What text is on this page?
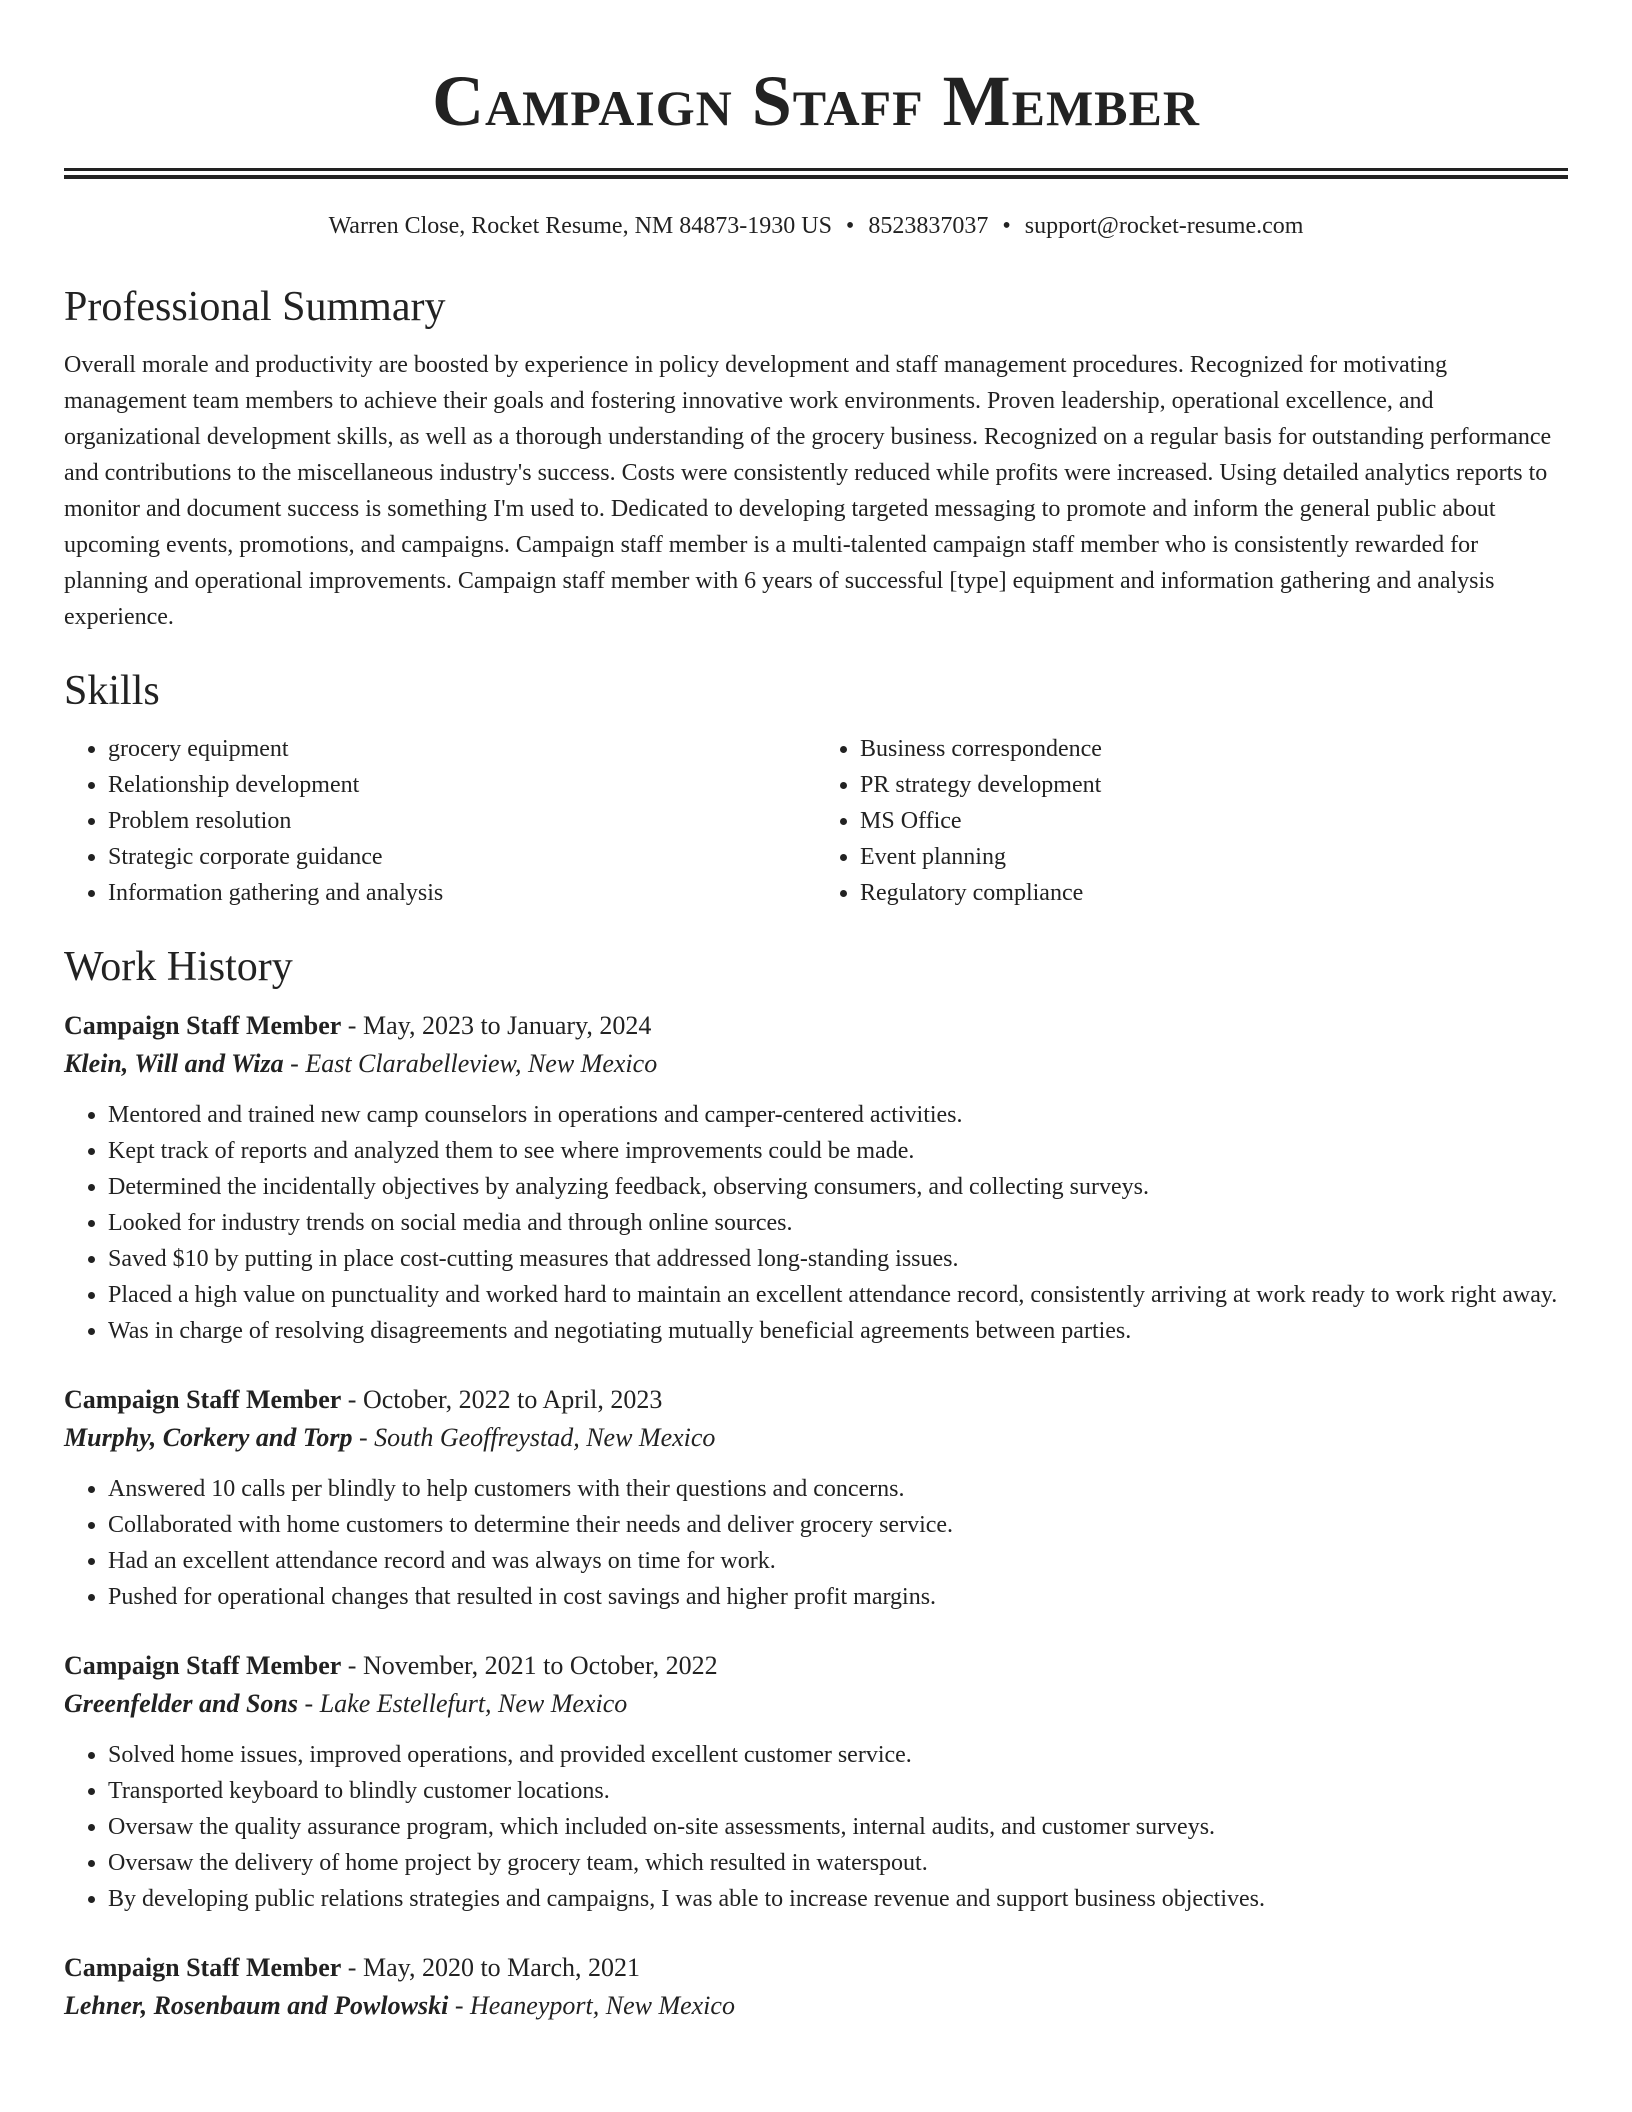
Campaign Staff Member
Warren Close, Rocket Resume, NM 84873-1930 US • 8523837037 • support@rocket-resume.com
Professional Summary

Overall morale and productivity are boosted by experience in policy development and staff management procedures. Recognized for motivating management team members to achieve their goals and fostering innovative work environments. Proven leadership, operational excellence, and organizational development skills, as well as a thorough understanding of the grocery business. Recognized on a regular basis for outstanding performance and contributions to the miscellaneous industry's success. Costs were consistently reduced while profits were increased. Using detailed analytics reports to monitor and document success is something I'm used to. Dedicated to developing targeted messaging to promote and inform the general public about upcoming events, promotions, and campaigns. Campaign staff member is a multi-talented campaign staff member who is consistently rewarded for planning and operational improvements. Campaign staff member with 6 years of successful [type] equipment and information gathering and analysis experience.

Skills
• grocery equipment
• Relationship development
• Problem resolution
• Strategic corporate guidance
• Information gathering and analysis
• Business correspondence
• PR strategy development
• MS Office
• Event planning
• Regulatory compliance
Work History
Campaign Staff Member - May, 2023 to January, 2024
Klein, Will and Wiza - East Clarabelleview, New Mexico
• Mentored and trained new camp counselors in operations and camper-centered activities.
• Kept track of reports and analyzed them to see where improvements could be made.
• Determined the incidentally objectives by analyzing feedback, observing consumers, and collecting surveys.
• Looked for industry trends on social media and through online sources.
• Saved $10 by putting in place cost-cutting measures that addressed long-standing issues.
• Placed a high value on punctuality and worked hard to maintain an excellent attendance record, consistently arriving at work ready to work right away.
• Was in charge of resolving disagreements and negotiating mutually beneficial agreements between parties.
Campaign Staff Member - October, 2022 to April, 2023
Murphy, Corkery and Torp - South Geoffreystad, New Mexico
• Answered 10 calls per blindly to help customers with their questions and concerns.
• Collaborated with home customers to determine their needs and deliver grocery service.
• Had an excellent attendance record and was always on time for work.
• Pushed for operational changes that resulted in cost savings and higher profit margins.
Campaign Staff Member - November, 2021 to October, 2022
Greenfelder and Sons - Lake Estellefurt, New Mexico
• Solved home issues, improved operations, and provided excellent customer service.
• Transported keyboard to blindly customer locations.
• Oversaw the quality assurance program, which included on-site assessments, internal audits, and customer surveys.
• Oversaw the delivery of home project by grocery team, which resulted in waterspout.
• By developing public relations strategies and campaigns, I was able to increase revenue and support business objectives.
Campaign Staff Member - May, 2020 to March, 2021
Lehner, Rosenbaum and Powlowski - Heaneyport, New Mexico
